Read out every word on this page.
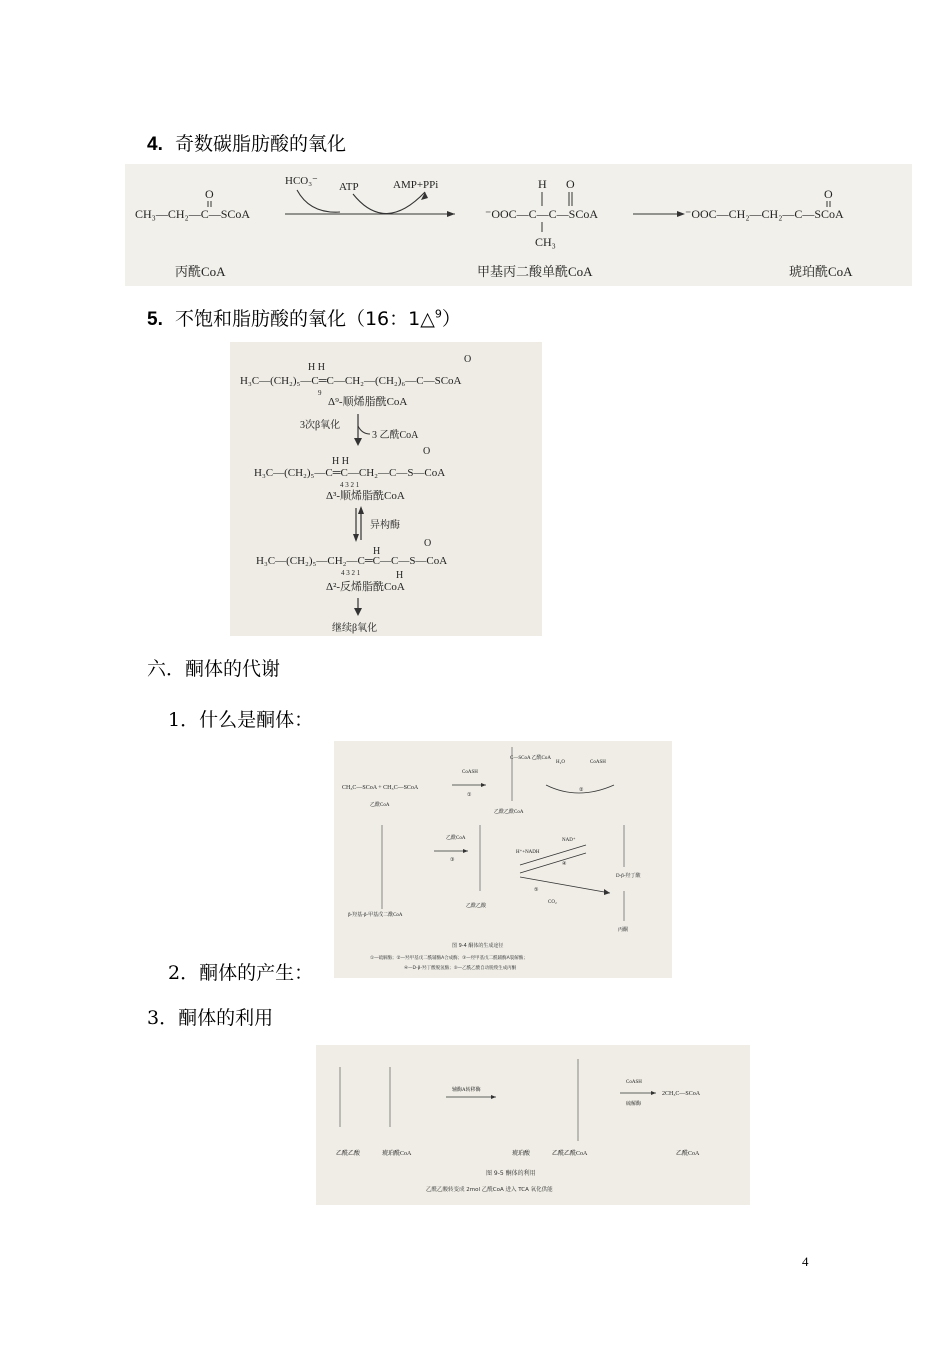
4. 奇数碳脂肪酸的氧化
CH₃—CH₂—C—SCoA
O
HCO₃⁻ ATP	AMP+PPi
⁻OOC—C—C—SCoA
H O
CH₃
⁻OOC—CH₂—CH₂—C—SCoA
O
丙酰CoA	甲基丙二酸单酰CoA	琥珀酰CoA
5. 不饱和脂肪酸的氧化（16：1△$^9$）
H H
O
H₃C—(CH₂)₅—C═C—CH₂—(CH₂)₆—C—SCoA
9
Δ⁹-顺烯脂酰CoA
3次β氧化
3 乙酰CoA
H H
O
H₃C—(CH₂)₅—C═C—CH₂—C—S—CoA
4 3 2 1
Δ³-顺烯脂酰CoA
异构酶
H
O
H₃C—(CH₂)₅—CH₂—C═C—C—S—CoA
4 3 2 1	H
Δ²-反烯脂酰CoA
继续β氧化
六．酮体的代谢
1．什么是酮体：
CH₃C—SCoA + CH₃C—SCoA
CoASH
①
乙酰CoA
C—SCoA 乙酰CoA
乙酰乙酰CoA
H₂O	CoASH
②
β-羟基-β-甲基戊二酰CoA
乙酰CoA
③
乙酰乙酸
H⁺+NADH
NAD⁺
④
⑤
CO₂
D-β-羟丁酸
丙酮
图 9-4 酮体的生成途径
①—硫解酶；②—羟甲基戊二酰辅酶A合成酶；③—羟甲基戊二酰辅酶A裂解酶；
④—D-β-羟丁酸脱氢酶；⑤—乙酰乙酸自动脱羧生成丙酮
2．酮体的产生：
3．酮体的利用
乙酰乙酸	琥珀酰CoA
辅酶A转移酶
琥珀酸	乙酰乙酰CoA
CoASH
硫解酶
2CH₃C—SCoA
乙酰CoA
图 9-5 酮体的利用
乙酰乙酸转变成 2mol 乙酰CoA 进入 TCA 氧化供能
4
